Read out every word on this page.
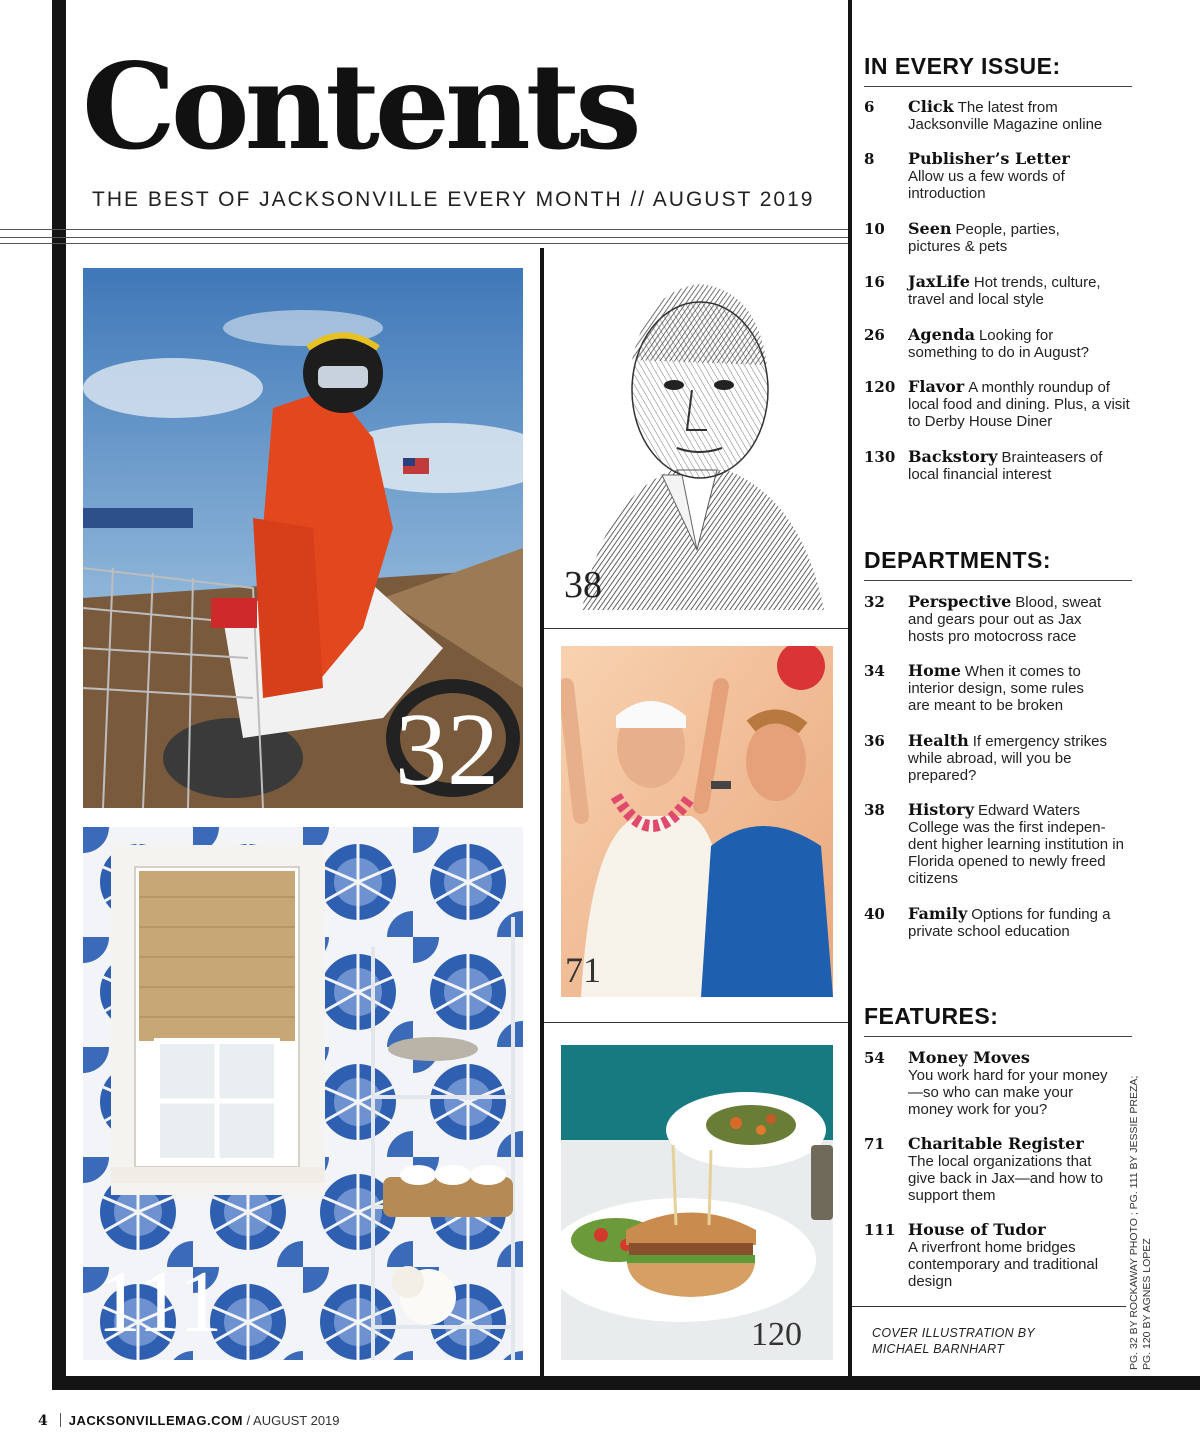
Contents
THE BEST OF JACKSONVILLE EVERY MONTH // AUGUST 2019
32
38
71
111	120
IN EVERY ISSUE:
6 Click The latest from Jacksonville Magazine online
8 Publisher’s Letter
Allow us a few words of introduction
10 Seen People, parties, pictures & pets
16 JaxLife Hot trends, culture, travel and local style
26 Agenda Looking for something to do in August?
120 Flavor A monthly roundup of local food and dining. Plus, a visit to Derby House Diner
130 Backstory Brainteasers of local financial interest
DEPARTMENTS:
32 Perspective Blood, sweat and gears pour out as Jax hosts pro motocross race
34 Home When it comes to interior design, some rules are meant to be broken
36 Health If emergency strikes while abroad, will you be prepared?
38 History Edward Waters College was the first indepen-dent higher learning institution in Florida opened to newly freed citizens
40 Family Options for funding a private school education
FEATURES:
54 Money Moves
You work hard for your money—so who can make your money work for you?
71 Charitable Register
The local organizations that give back in Jax—and how to support them
111 House of Tudor
A riverfront home bridges contemporary and traditional design
COVER ILLUSTRATION BY
MICHAEL BARNHART	PG. 32 BY ROCKAWAY PHOTO ; PG. 111 BY JESSIE PREZA; PG. 120 BY AGNES LOPEZ
4 JACKSONVILLEMAG.COM / AUGUST 2019
